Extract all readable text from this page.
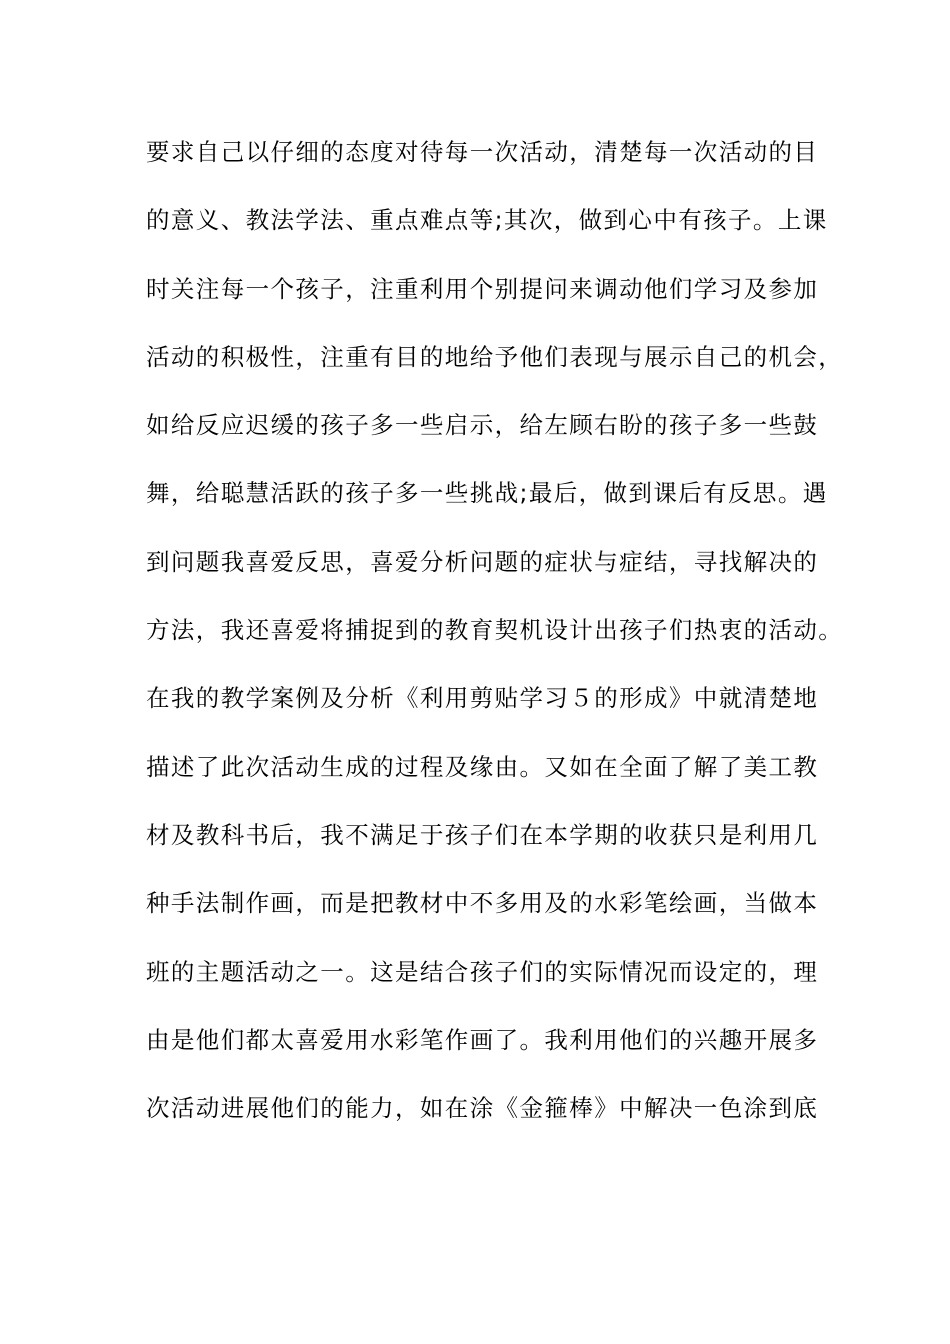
要求自己以仔细的态度对待每一次活动，清楚每一次活动的目
的意义、教法学法、重点难点等;其次，做到心中有孩子。上课
时关注每一个孩子，注重利用个别提问来调动他们学习及参加
活动的积极性，注重有目的地给予他们表现与展示自己的机会，
如给反应迟缓的孩子多一些启示，给左顾右盼的孩子多一些鼓
舞，给聪慧活跃的孩子多一些挑战;最后，做到课后有反思。遇
到问题我喜爱反思，喜爱分析问题的症状与症结，寻找解决的
方法，我还喜爱将捕捉到的教育契机设计出孩子们热衷的活动。
在我的教学案例及分析《利用剪贴学习５的形成》中就清楚地
描述了此次活动生成的过程及缘由。又如在全面了解了美工教
材及教科书后，我不满足于孩子们在本学期的收获只是利用几
种手法制作画，而是把教材中不多用及的水彩笔绘画，当做本
班的主题活动之一。这是结合孩子们的实际情况而设定的，理
由是他们都太喜爱用水彩笔作画了。我利用他们的兴趣开展多
次活动进展他们的能力，如在涂《金箍棒》中解决一色涂到底
